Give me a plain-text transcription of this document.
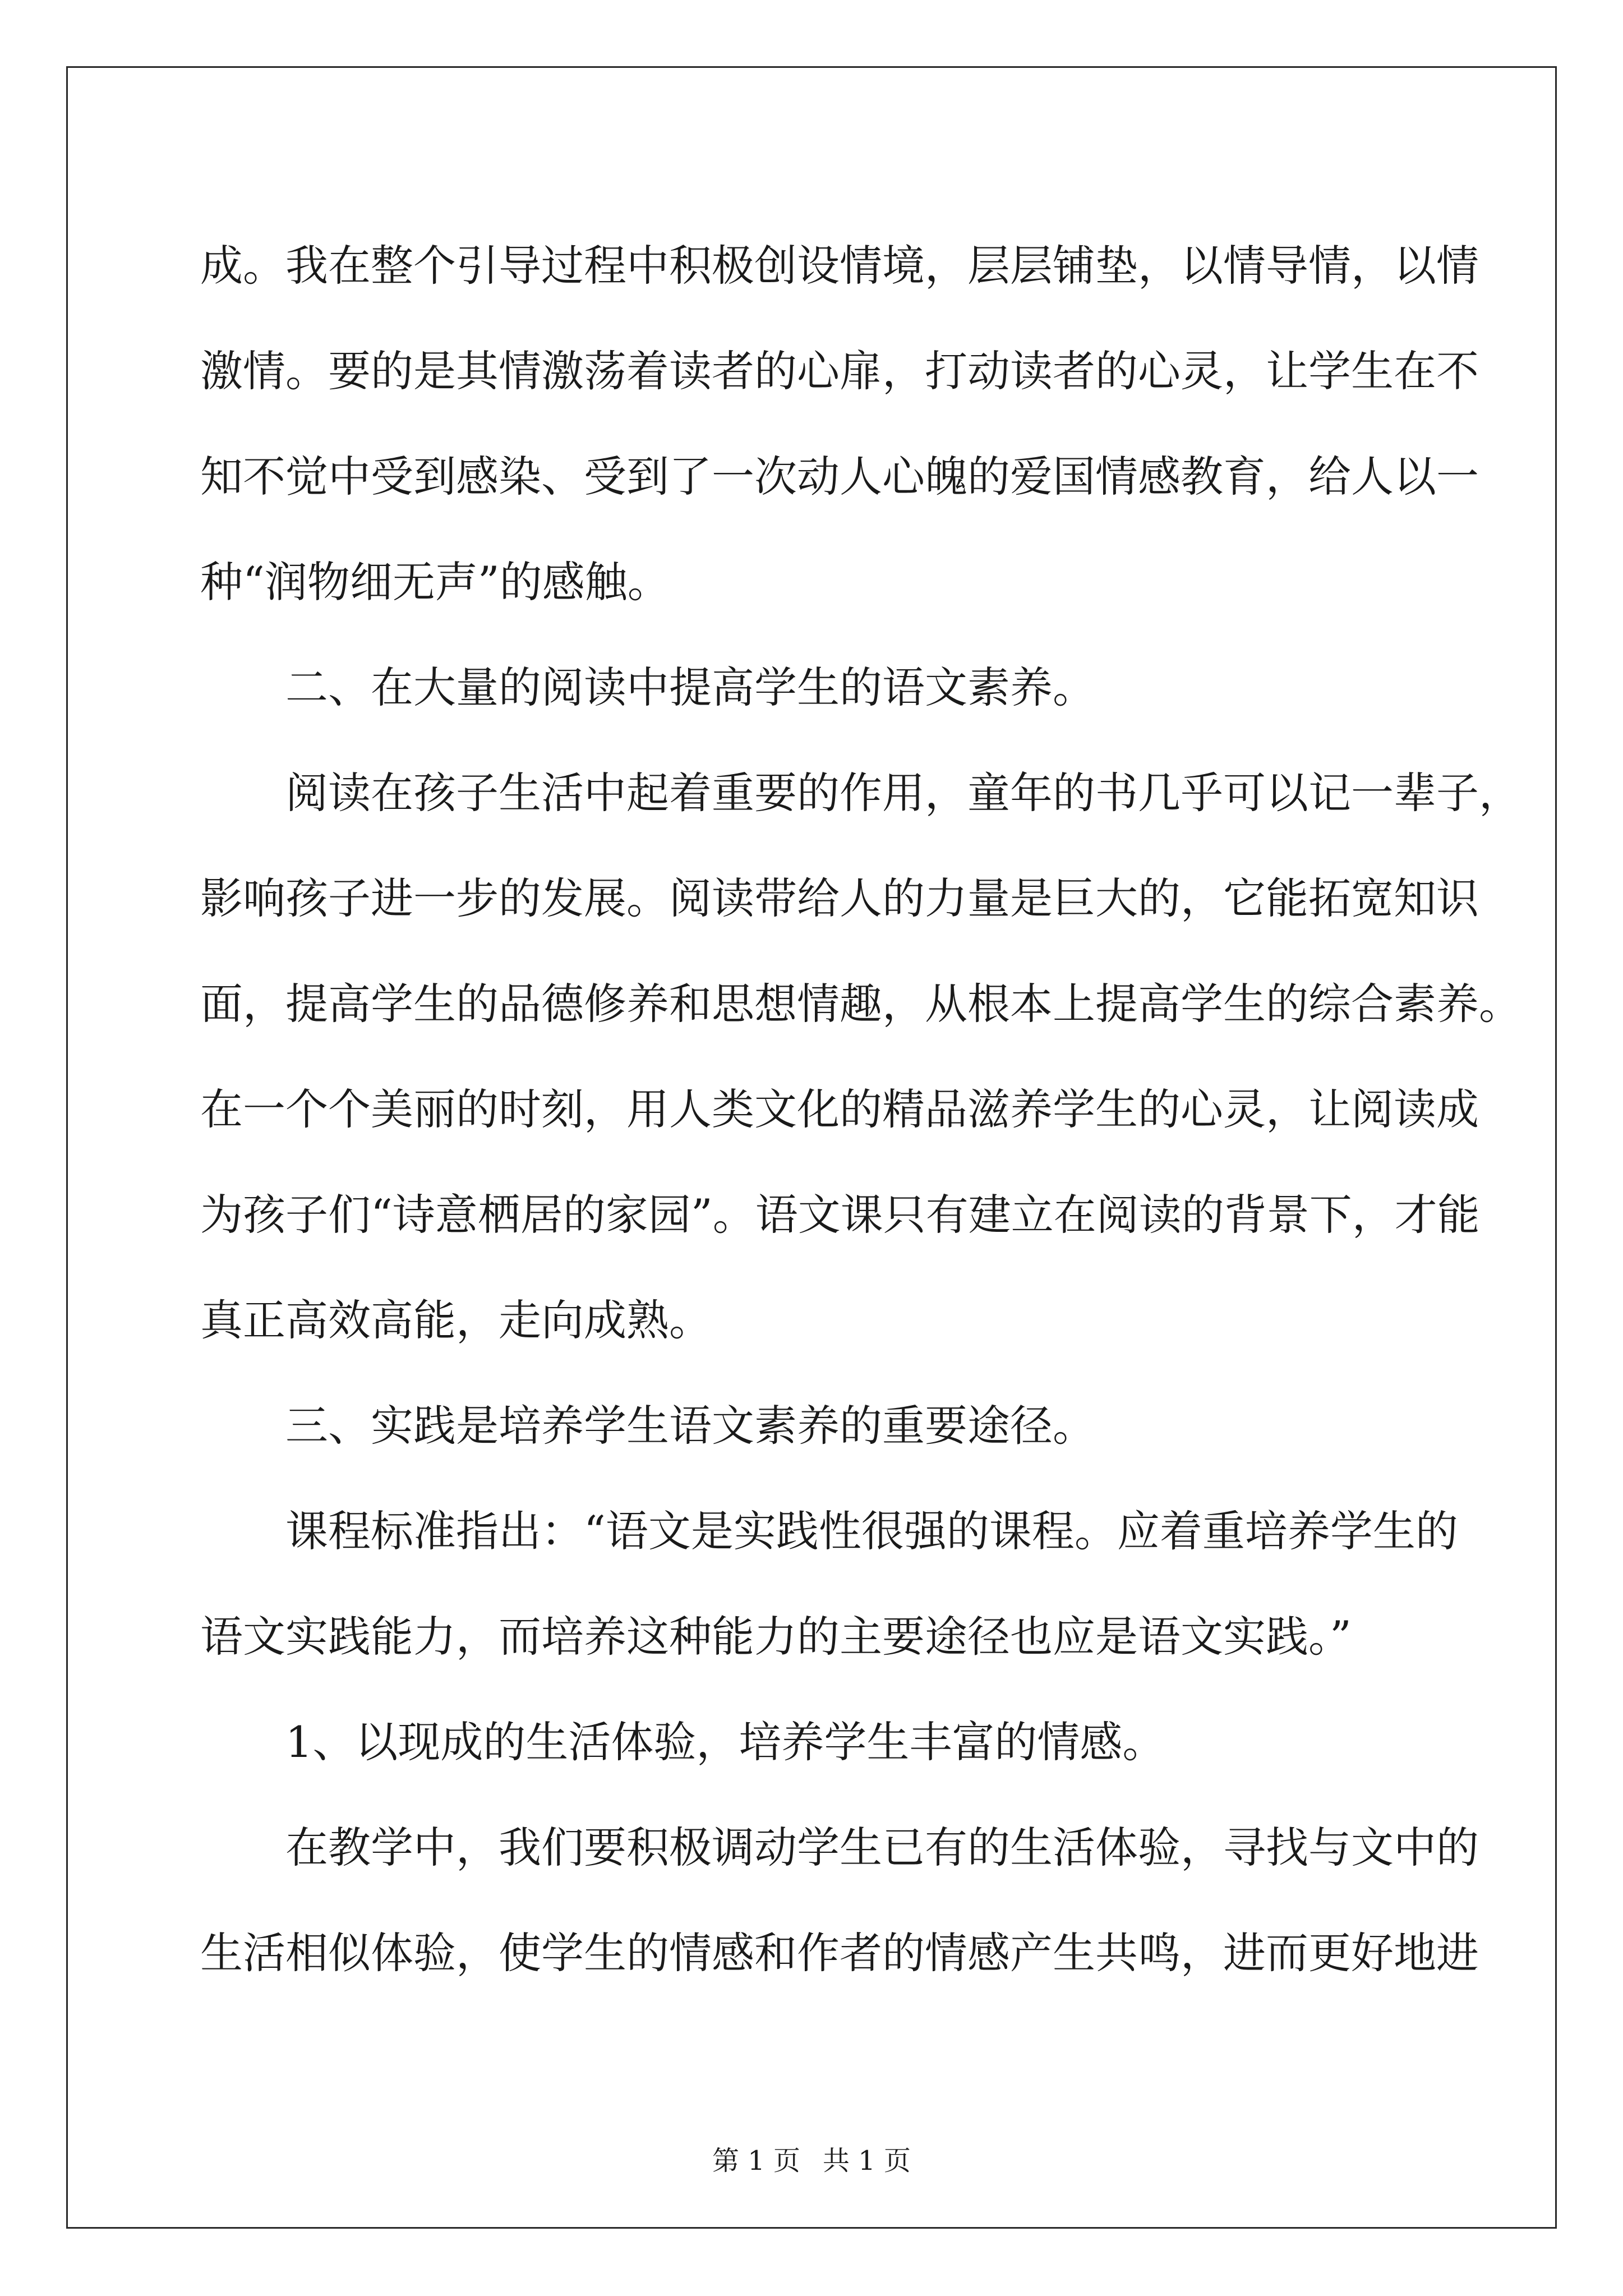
成。我在整个引导过程中积极创设情境，层层铺垫，以情导情，以情
激情。要的是其情激荡着读者的心扉，打动读者的心灵，让学生在不
知不觉中受到感染、受到了一次动人心魄的爱国情感教育，给人以一
种“润物细无声”的感触。
二、在大量的阅读中提高学生的语文素养。
阅读在孩子生活中起着重要的作用，童年的书几乎可以记一辈子，
影响孩子进一步的发展。阅读带给人的力量是巨大的，它能拓宽知识
面，提高学生的品德修养和思想情趣，从根本上提高学生的综合素养。
在一个个美丽的时刻，用人类文化的精品滋养学生的心灵，让阅读成
为孩子们“诗意栖居的家园”。语文课只有建立在阅读的背景下，才能
真正高效高能，走向成熟。
三、实践是培养学生语文素养的重要途径。
课程标准指出：“语文是实践性很强的课程。应着重培养学生的
语文实践能力，而培养这种能力的主要途径也应是语文实践。”
1、以现成的生活体验，培养学生丰富的情感。
在教学中，我们要积极调动学生已有的生活体验，寻找与文中的
生活相似体验，使学生的情感和作者的情感产生共鸣，进而更好地进
第 1 页 共 1 页
